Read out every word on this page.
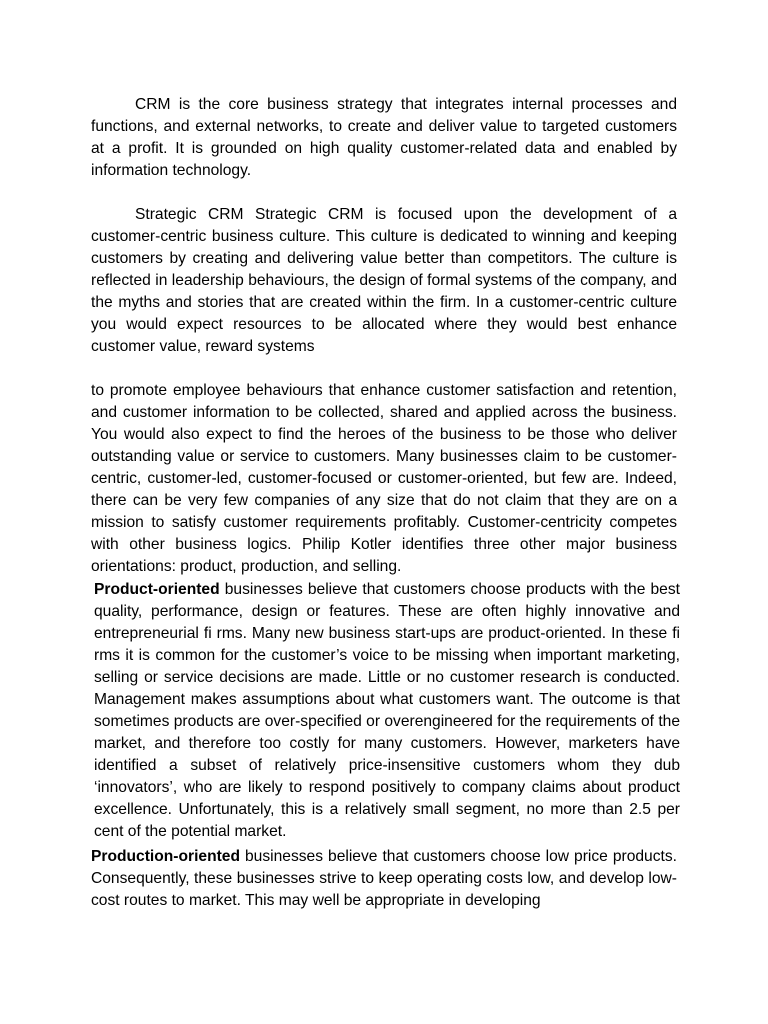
CRM is the core business strategy that integrates internal processes and functions, and external networks, to create and deliver value to targeted customers at a profit. It is grounded on high quality customer-related data and enabled by information technology.

Strategic CRM Strategic CRM is focused upon the development of a customer-centric business culture. This culture is dedicated to winning and keeping customers by creating and delivering value better than competitors. The culture is reflected in leadership behaviours, the design of formal systems of the company, and the myths and stories that are created within the firm. In a customer-centric culture you would expect resources to be allocated where they would best enhance customer value, reward systems

to promote employee behaviours that enhance customer satisfaction and retention, and customer information to be collected, shared and applied across the business. You would also expect to find the heroes of the business to be those who deliver outstanding value or service to customers. Many businesses claim to be customer-centric, customer-led, customer-focused or customer-oriented, but few are. Indeed, there can be very few companies of any size that do not claim that they are on a mission to satisfy customer requirements profitably. Customer-centricity competes with other business logics. Philip Kotler identifies three other major business orientations: product, production, and selling.

Product-oriented businesses believe that customers choose products with the best quality, performance, design or features. These are often highly innovative and entrepreneurial fi rms. Many new business start-ups are product-oriented. In these fi rms it is common for the customer’s voice to be missing when important marketing, selling or service decisions are made. Little or no customer research is conducted. Management makes assumptions about what customers want. The outcome is that sometimes products are over-specified or overengineered for the requirements of the market, and therefore too costly for many customers. However, marketers have identified a subset of relatively price-insensitive customers whom they dub ‘innovators’, who are likely to respond positively to company claims about product excellence. Unfortunately, this is a relatively small segment, no more than 2.5 per cent of the potential market.

Production-oriented businesses believe that customers choose low price products. Consequently, these businesses strive to keep operating costs low, and develop low-cost routes to market. This may well be appropriate in developing
